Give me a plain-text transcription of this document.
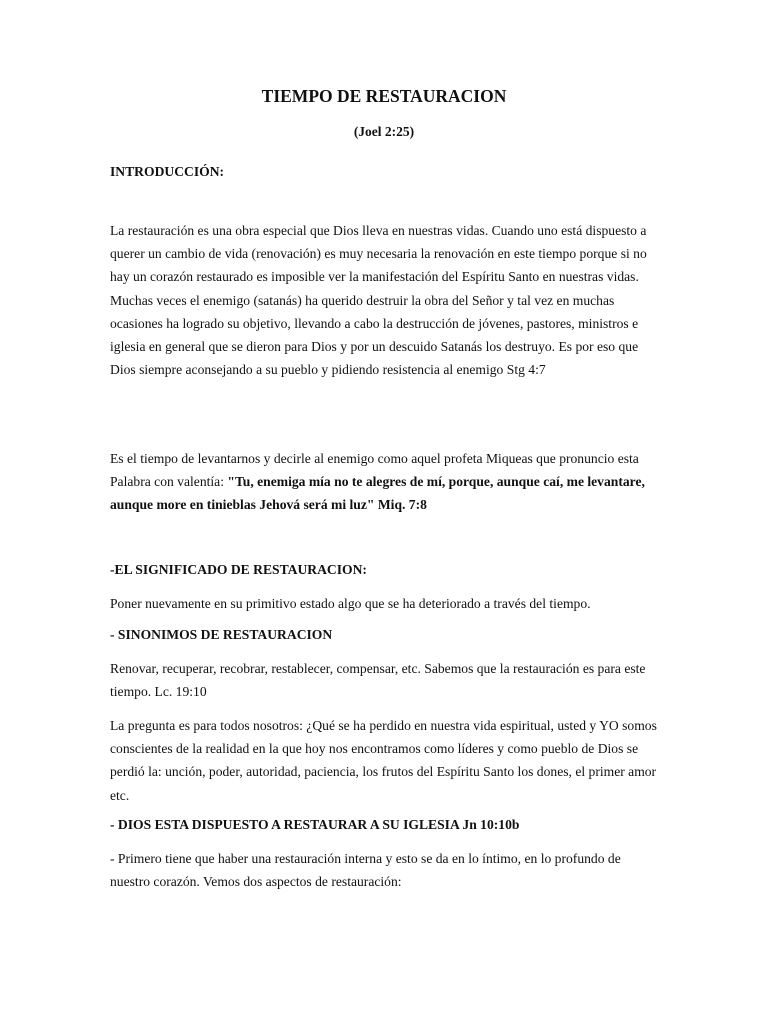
TIEMPO DE RESTAURACION
(Joel 2:25)
INTRODUCCIÓN:

La restauración es una obra especial que Dios lleva en nuestras vidas. Cuando uno está dispuesto a querer un cambio de vida (renovación) es muy necesaria la renovación en este tiempo porque si no hay un corazón restaurado es imposible ver la manifestación del Espíritu Santo en nuestras vidas. Muchas veces el enemigo (satanás) ha querido destruir la obra del Señor y tal vez en muchas ocasiones ha logrado su objetivo, llevando a cabo la destrucción de jóvenes, pastores, ministros e iglesia en general que se dieron para Dios y por un descuido Satanás los destruyo. Es por eso que Dios siempre aconsejando a su pueblo y pidiendo resistencia al enemigo Stg 4:7

Es el tiempo de levantarnos y decirle al enemigo como aquel profeta Miqueas que pronuncio esta Palabra con valentía: "Tu, enemiga mía no te alegres de mí, porque, aunque caí, me levantare, aunque more en tinieblas Jehová será mi luz" Miq. 7:8

-EL SIGNIFICADO DE RESTAURACION:

Poner nuevamente en su primitivo estado algo que se ha deteriorado a través del tiempo.

- SINONIMOS DE RESTAURACION

Renovar, recuperar, recobrar, restablecer, compensar, etc. Sabemos que la restauración es para este tiempo. Lc. 19:10

La pregunta es para todos nosotros: ¿Qué se ha perdido en nuestra vida espiritual, usted y YO somos conscientes de la realidad en la que hoy nos encontramos como líderes y como pueblo de Dios se perdió la: unción, poder, autoridad, paciencia, los frutos del Espíritu Santo los dones, el primer amor etc.

- DIOS ESTA DISPUESTO A RESTAURAR A SU IGLESIA Jn 10:10b

- Primero tiene que haber una restauración interna y esto se da en lo íntimo, en lo profundo de nuestro corazón. Vemos dos aspectos de restauración:
